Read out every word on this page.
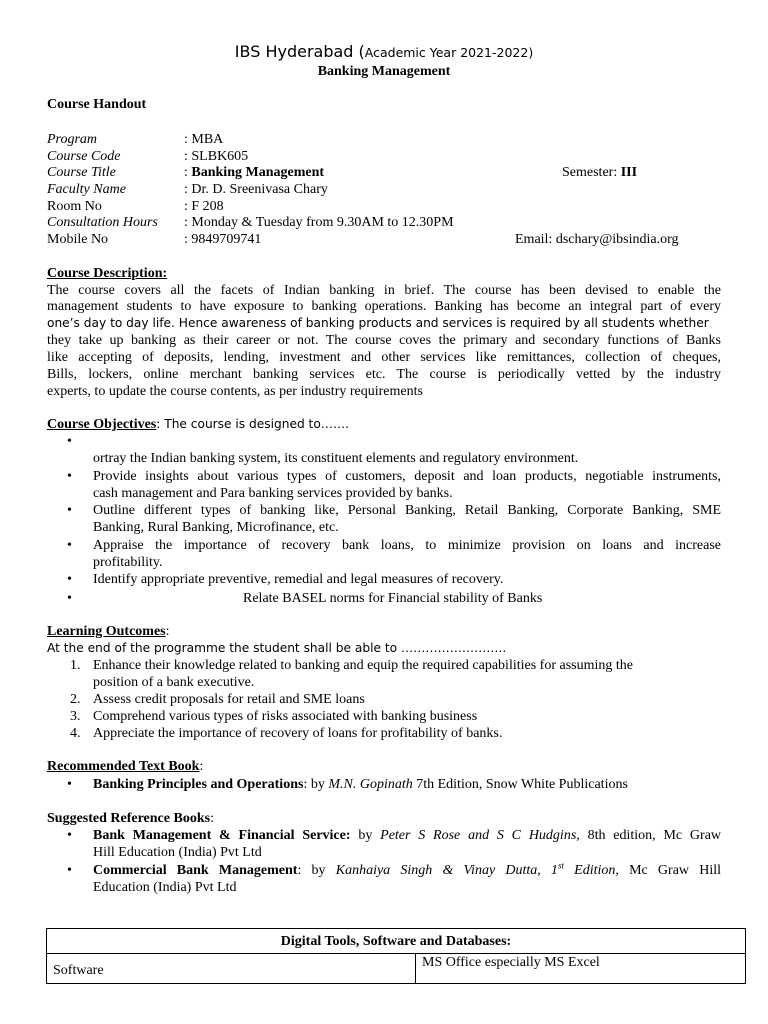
IBS Hyderabad (Academic Year 2021-2022)
Banking Management
Course Handout
Program	: MBA
Course Code	: SLBK605
Course Title	: Banking Management	Semester: III
Faculty Name	: Dr. D. Sreenivasa Chary
Room No	: F 208
Consultation Hours : Monday & Tuesday from 9.30AM to 12.30PM
Mobile No	: 9849709741	Email: dschary@ibsindia.org
Course Description:
The course covers all the facets of Indian banking in brief. The course has been devised to enable the
management students to have exposure to banking operations. Banking has become an integral part of every
one’s day to day life. Hence awareness of banking products and services is required by all students whether
they take up banking as their career or not. The course coves the primary and secondary functions of Banks
like accepting of deposits, lending, investment and other services like remittances, collection of cheques,
Bills, lockers, online merchant banking services etc. The course is periodically vetted by the industry
experts, to update the course contents, as per industry requirements
Course Objectives: The course is designed to…….
•
ortray the Indian banking system, its constituent elements and regulatory environment.
• Provide insights about various types of customers, deposit and loan products, negotiable instruments,
cash management and Para banking services provided by banks.
• Outline different types of banking like, Personal Banking, Retail Banking, Corporate Banking, SME
Banking, Rural Banking, Microfinance, etc.
• Appraise the importance of recovery bank loans, to minimize provision on loans and increase
profitability.
• Identify appropriate preventive, remedial and legal measures of recovery.
•	Relate BASEL norms for Financial stability of Banks
Learning Outcomes:
At the end of the programme the student shall be able to ……………………..
1. Enhance their knowledge related to banking and equip the required capabilities for assuming the
position of a bank executive.
2. Assess credit proposals for retail and SME loans
3. Comprehend various types of risks associated with banking business
4. Appreciate the importance of recovery of loans for profitability of banks.
Recommended Text Book:
• Banking Principles and Operations: by M.N. Gopinath 7th Edition, Snow White Publications
Suggested Reference Books:
• Bank Management & Financial Service: by Peter S Rose and S C Hudgins, 8th edition, Mc Graw
Hill Education (India) Pvt Ltd
• Commercial Bank Management: by Kanhaiya Singh & Vinay Dutta, 1st Edition, Mc Graw Hill
Education (India) Pvt Ltd
Digital Tools, Software and Databases:
Software	MS Office especially MS Excel
